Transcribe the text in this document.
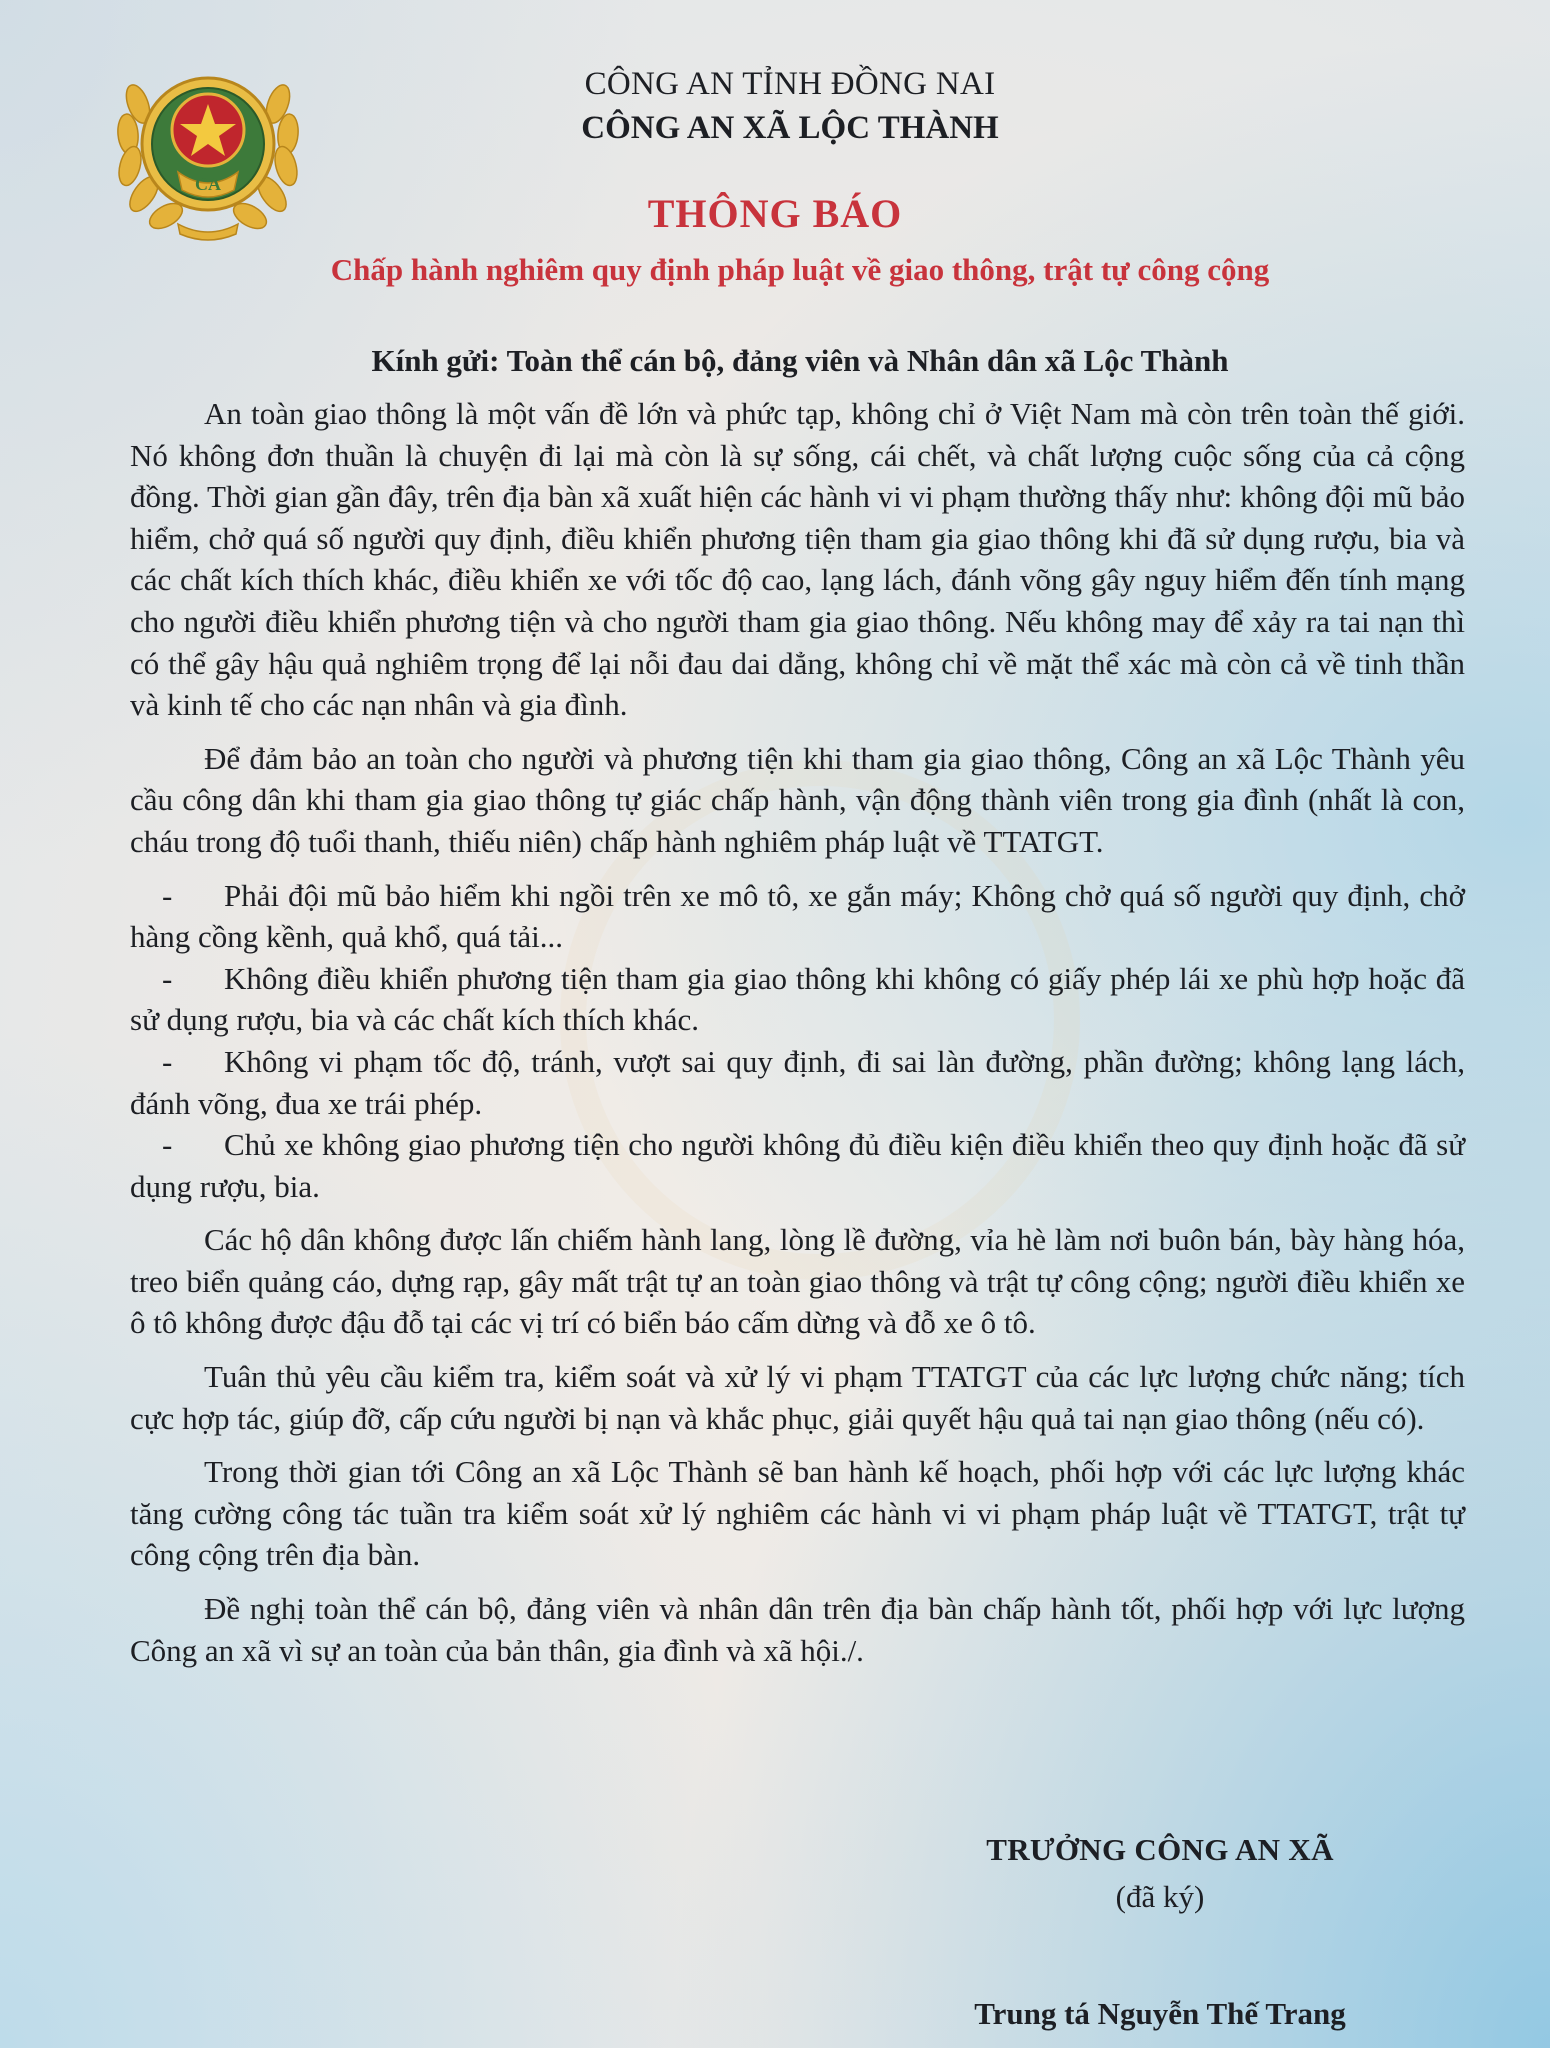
CA
CÔNG AN TỈNH ĐỒNG NAI
CÔNG AN XÃ LỘC THÀNH
THÔNG BÁO
Chấp hành nghiêm quy định pháp luật về giao thông, trật tự công cộng
Kính gửi: Toàn thể cán bộ, đảng viên và Nhân dân xã Lộc Thành

An toàn giao thông là một vấn đề lớn và phức tạp, không chỉ ở Việt Nam mà còn trên toàn thế giới. Nó không đơn thuần là chuyện đi lại mà còn là sự sống, cái chết, và chất lượng cuộc sống của cả cộng đồng. Thời gian gần đây, trên địa bàn xã xuất hiện các hành vi vi phạm thường thấy như: không đội mũ bảo hiểm, chở quá số người quy định, điều khiển phương tiện tham gia giao thông khi đã sử dụng rượu, bia và các chất kích thích khác, điều khiển xe với tốc độ cao, lạng lách, đánh võng gây nguy hiểm đến tính mạng cho người điều khiển phương tiện và cho người tham gia giao thông. Nếu không may để xảy ra tai nạn thì có thể gây hậu quả nghiêm trọng để lại nỗi đau dai dẳng, không chỉ về mặt thể xác mà còn cả về tinh thần và kinh tế cho các nạn nhân và gia đình.

Để đảm bảo an toàn cho người và phương tiện khi tham gia giao thông, Công an xã Lộc Thành yêu cầu công dân khi tham gia giao thông tự giác chấp hành, vận động thành viên trong gia đình (nhất là con, cháu trong độ tuổi thanh, thiếu niên) chấp hành nghiêm pháp luật về TTATGT.

- Phải đội mũ bảo hiểm khi ngồi trên xe mô tô, xe gắn máy; Không chở quá số người quy định, chở hàng cồng kềnh, quả khổ, quá tải...

- Không điều khiển phương tiện tham gia giao thông khi không có giấy phép lái xe phù hợp hoặc đã sử dụng rượu, bia và các chất kích thích khác.

- Không vi phạm tốc độ, tránh, vượt sai quy định, đi sai làn đường, phần đường; không lạng lách, đánh võng, đua xe trái phép.

- Chủ xe không giao phương tiện cho người không đủ điều kiện điều khiển theo quy định hoặc đã sử dụng rượu, bia.

Các hộ dân không được lấn chiếm hành lang, lòng lề đường, vỉa hè làm nơi buôn bán, bày hàng hóa, treo biển quảng cáo, dựng rạp, gây mất trật tự an toàn giao thông và trật tự công cộng; người điều khiển xe ô tô không được đậu đỗ tại các vị trí có biển báo cấm dừng và đỗ xe ô tô.

Tuân thủ yêu cầu kiểm tra, kiểm soát và xử lý vi phạm TTATGT của các lực lượng chức năng; tích cực hợp tác, giúp đỡ, cấp cứu người bị nạn và khắc phục, giải quyết hậu quả tai nạn giao thông (nếu có).

Trong thời gian tới Công an xã Lộc Thành sẽ ban hành kế hoạch, phối hợp với các lực lượng khác tăng cường công tác tuần tra kiểm soát xử lý nghiêm các hành vi vi phạm pháp luật về TTATGT, trật tự công cộng trên địa bàn.

Đề nghị toàn thể cán bộ, đảng viên và nhân dân trên địa bàn chấp hành tốt, phối hợp với lực lượng Công an xã vì sự an toàn của bản thân, gia đình và xã hội./.

TRƯỞNG CÔNG AN XÃ
(đã ký)
Trung tá Nguyễn Thế Trang
